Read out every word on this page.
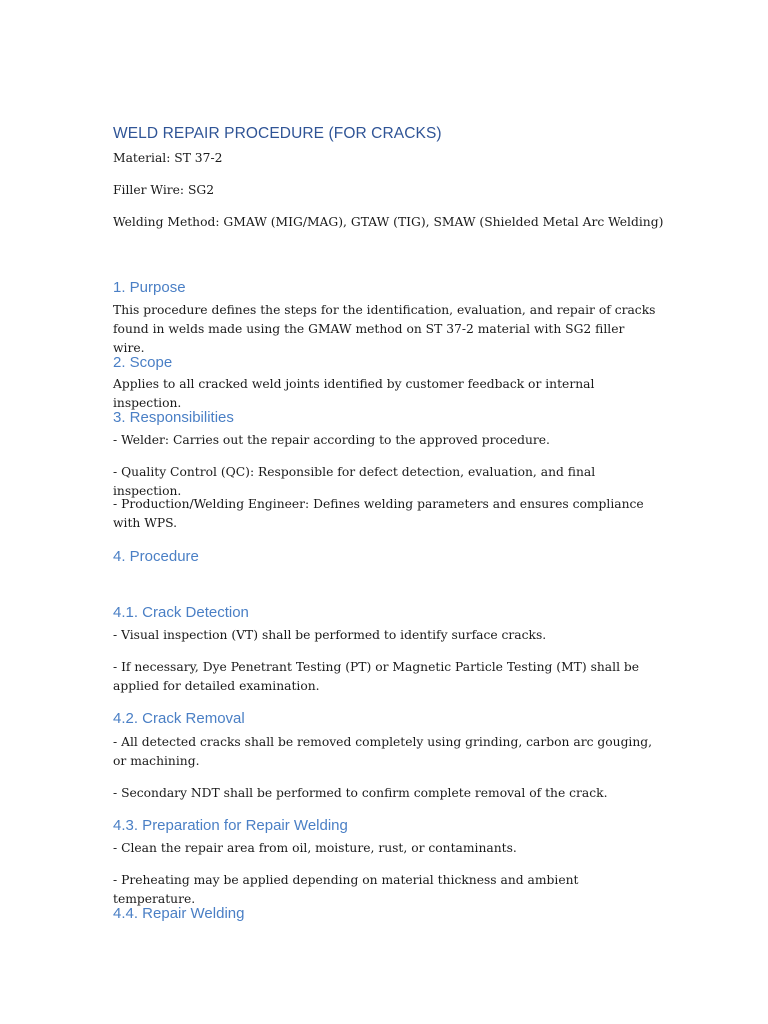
WELD REPAIR PROCEDURE (FOR CRACKS)

Material: ST 37-2

Filler Wire: SG2

Welding Method: GMAW (MIG/MAG), GTAW (TIG), SMAW (Shielded Metal Arc Welding)

1. Purpose

This procedure defines the steps for the identification, evaluation, and repair of cracks found in welds made using the GMAW method on ST 37-2 material with SG2 filler wire.

2. Scope

Applies to all cracked weld joints identified by customer feedback or internal inspection.

3. Responsibilities

- Welder: Carries out the repair according to the approved procedure.

- Quality Control (QC): Responsible for defect detection, evaluation, and final inspection.

- Production/Welding Engineer: Defines welding parameters and ensures compliance with WPS.

4. Procedure
4.1. Crack Detection

- Visual inspection (VT) shall be performed to identify surface cracks.

- If necessary, Dye Penetrant Testing (PT) or Magnetic Particle Testing (MT) shall be applied for detailed examination.

4.2. Crack Removal

- All detected cracks shall be removed completely using grinding, carbon arc gouging, or machining.

- Secondary NDT shall be performed to confirm complete removal of the crack.

4.3. Preparation for Repair Welding

- Clean the repair area from oil, moisture, rust, or contaminants.

- Preheating may be applied depending on material thickness and ambient temperature.

4.4. Repair Welding
